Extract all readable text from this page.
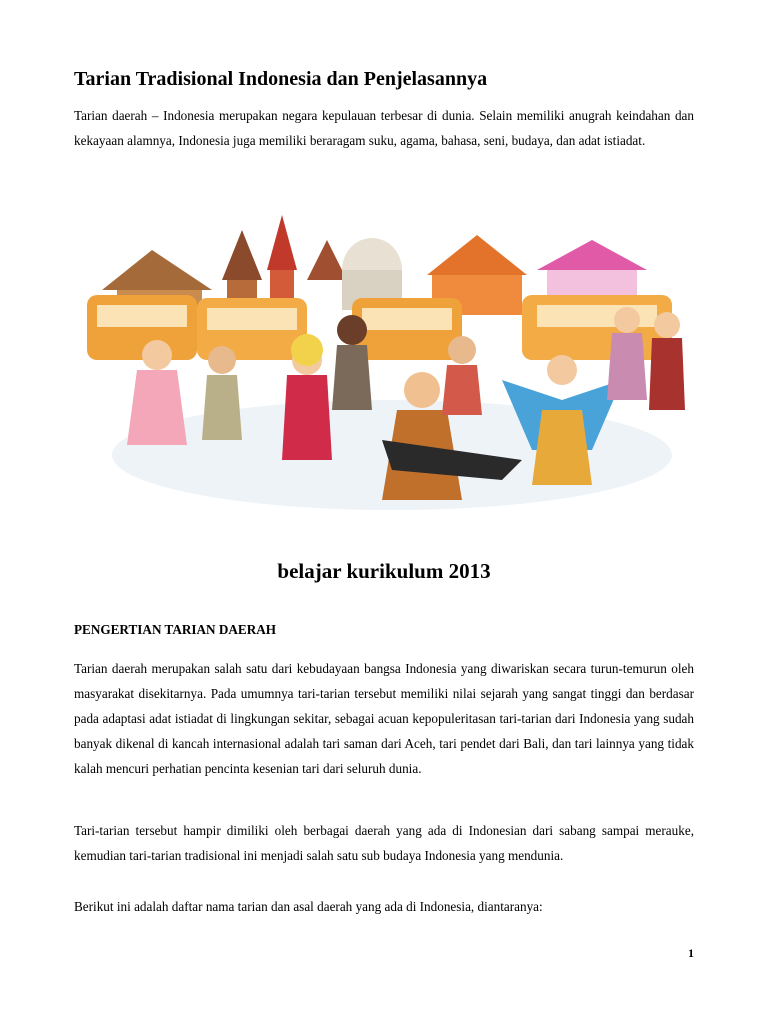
Tarian Tradisional Indonesia dan Penjelasannya

Tarian daerah – Indonesia merupakan negara kepulauan terbesar di dunia. Selain memiliki anugrah keindahan dan kekayaan alamnya, Indonesia juga memiliki beraragam suku, agama, bahasa, seni, budaya, dan adat istiadat.

belajar kurikulum 2013
PENGERTIAN TARIAN DAERAH

Tarian daerah merupakan salah satu dari kebudayaan bangsa Indonesia yang diwariskan secara turun-temurun oleh masyarakat disekitarnya. Pada umumnya tari-tarian tersebut memiliki nilai sejarah yang sangat tinggi dan berdasar pada adaptasi adat istiadat di lingkungan sekitar, sebagai acuan kepopuleritasan tari-tarian dari Indonesia yang sudah banyak dikenal di kancah internasional adalah tari saman dari Aceh, tari pendet dari Bali, dan tari lainnya yang tidak kalah mencuri perhatian pencinta kesenian tari dari seluruh dunia.

Tari-tarian tersebut hampir dimiliki oleh berbagai daerah yang ada di Indonesian dari sabang sampai merauke, kemudian tari-tarian tradisional ini menjadi salah satu sub budaya Indonesia yang mendunia.

Berikut ini adalah daftar nama tarian dan asal daerah yang ada di Indonesia, diantaranya:

1
